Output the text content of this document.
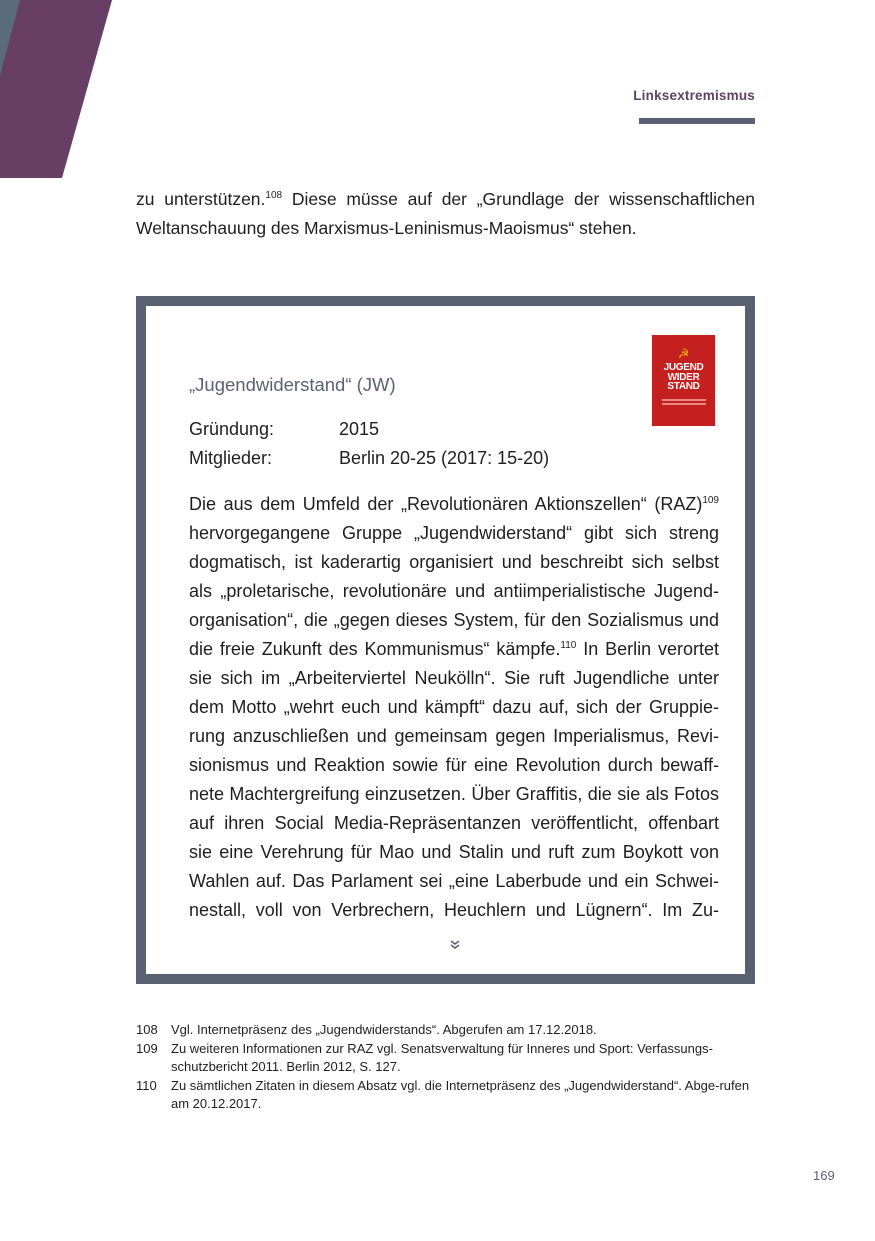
Linksextremismus
zu unterstützen.$^{108}$ Diese müsse auf der „Grundlage der wissenschaftlichen Weltanschauung des Marxismus-Leninismus-Maoismus“ stehen.
„Jugendwiderstand“ (JW)
☭
JUGEND
WIDER
STAND
Gründung:	2015
Mitglieder:	Berlin 20-25 (2017: 15-20)
Die aus dem Umfeld der „Revolutionären Aktionszellen“ (RAZ)$^{109}$
hervorgegangene Gruppe „Jugendwiderstand“ gibt sich streng
dogmatisch, ist kaderartig organisiert und beschreibt sich selbst
als „proletarische, revolutionäre und antiimperialistische Jugend-
organisation“, die „gegen dieses System, für den Sozialismus und
die freie Zukunft des Kommunismus“ kämpfe.$^{110}$ In Berlin verortet
sie sich im „Arbeiterviertel Neukölln“. Sie ruft Jugendliche unter
dem Motto „wehrt euch und kämpft“ dazu auf, sich der Gruppie-
rung anzuschließen und gemeinsam gegen Imperialismus, Revi-
sionismus und Reaktion sowie für eine Revolution durch bewaff-
nete Machtergreifung einzusetzen. Über Graffitis, die sie als Fotos
auf ihren Social Media-Repräsentanzen veröffentlicht, offenbart
sie eine Verehrung für Mao und Stalin und ruft zum Boykott von
Wahlen auf. Das Parlament sei „eine Laberbude und ein Schwei-
nestall, voll von Verbrechern, Heuchlern und Lügnern“. Im Zu-
108	Vgl. Internetpräsenz des „Jugendwiderstands“. Abgerufen am 17.12.2018.
109	Zu weiteren Informationen zur RAZ vgl. Senatsverwaltung für Inneres und Sport: Verfassungs-schutzbericht 2011. Berlin 2012, S. 127.
110	Zu sämtlichen Zitaten in diesem Absatz vgl. die Internetpräsenz des „Jugendwiderstand“. Abge-rufen am 20.12.2017.
169
